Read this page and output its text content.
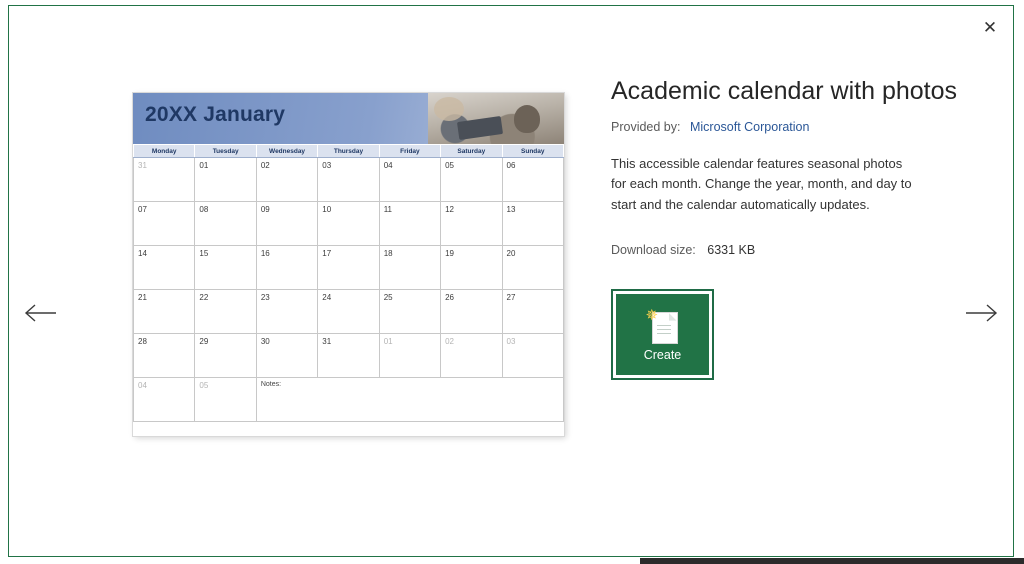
✕
20XX January
Monday	Tuesday	Wednesday	Thursday	Friday	Saturday	Sunday
31	01	02	03	04	05	06
07	08	09	10	11	12	13
14	15	16	17	18	19	20
21	22	23	24	25	26	27
28	29	30	31	01	02	03
04	05	Notes:				
Academic calendar with photos
Provided by: Microsoft Corporation
This accessible calendar features seasonal photos for each month. Change the year, month, and day to start and the calendar automatically updates.
Download size: 6331 KB
✵
Create
